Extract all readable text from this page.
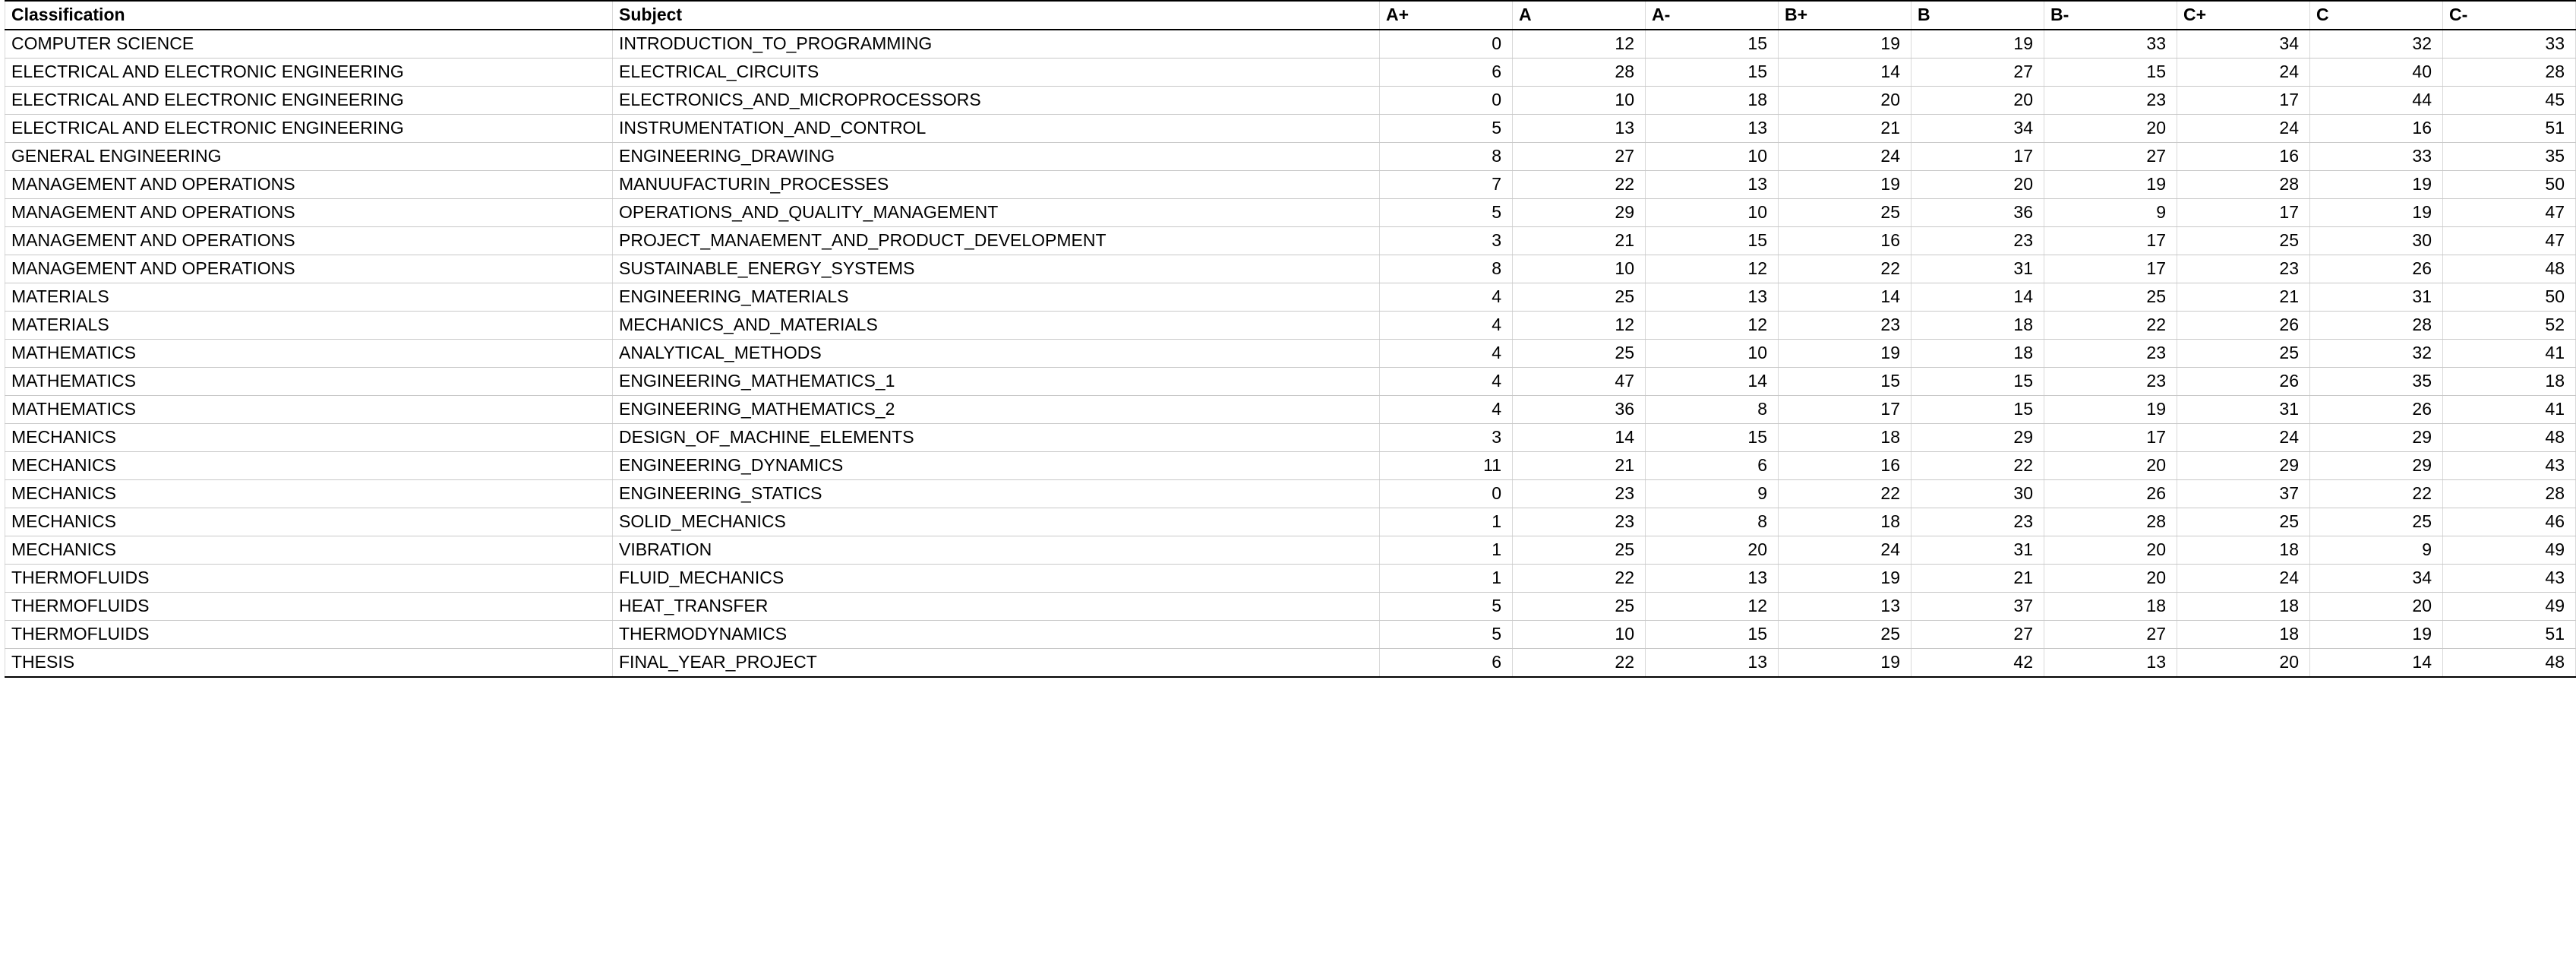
Classification	Subject	A+	A	A-	B+	B	B-	C+	C	C-
COMPUTER SCIENCE	INTRODUCTION_TO_PROGRAMMING	0	12	15	19	19	33	34	32	33
ELECTRICAL AND ELECTRONIC ENGINEERING	ELECTRICAL_CIRCUITS	6	28	15	14	27	15	24	40	28
ELECTRICAL AND ELECTRONIC ENGINEERING	ELECTRONICS_AND_MICROPROCESSORS	0	10	18	20	20	23	17	44	45
ELECTRICAL AND ELECTRONIC ENGINEERING	INSTRUMENTATION_AND_CONTROL	5	13	13	21	34	20	24	16	51
GENERAL ENGINEERING	ENGINEERING_DRAWING	8	27	10	24	17	27	16	33	35
MANAGEMENT AND OPERATIONS	MANUUFACTURIN_PROCESSES	7	22	13	19	20	19	28	19	50
MANAGEMENT AND OPERATIONS	OPERATIONS_AND_QUALITY_MANAGEMENT	5	29	10	25	36	9	17	19	47
MANAGEMENT AND OPERATIONS	PROJECT_MANAEMENT_AND_PRODUCT_DEVELOPMENT	3	21	15	16	23	17	25	30	47
MANAGEMENT AND OPERATIONS	SUSTAINABLE_ENERGY_SYSTEMS	8	10	12	22	31	17	23	26	48
MATERIALS	ENGINEERING_MATERIALS	4	25	13	14	14	25	21	31	50
MATERIALS	MECHANICS_AND_MATERIALS	4	12	12	23	18	22	26	28	52
MATHEMATICS	ANALYTICAL_METHODS	4	25	10	19	18	23	25	32	41
MATHEMATICS	ENGINEERING_MATHEMATICS_1	4	47	14	15	15	23	26	35	18
MATHEMATICS	ENGINEERING_MATHEMATICS_2	4	36	8	17	15	19	31	26	41
MECHANICS	DESIGN_OF_MACHINE_ELEMENTS	3	14	15	18	29	17	24	29	48
MECHANICS	ENGINEERING_DYNAMICS	11	21	6	16	22	20	29	29	43
MECHANICS	ENGINEERING_STATICS	0	23	9	22	30	26	37	22	28
MECHANICS	SOLID_MECHANICS	1	23	8	18	23	28	25	25	46
MECHANICS	VIBRATION	1	25	20	24	31	20	18	9	49
THERMOFLUIDS	FLUID_MECHANICS	1	22	13	19	21	20	24	34	43
THERMOFLUIDS	HEAT_TRANSFER	5	25	12	13	37	18	18	20	49
THERMOFLUIDS	THERMODYNAMICS	5	10	15	25	27	27	18	19	51
THESIS	FINAL_YEAR_PROJECT	6	22	13	19	42	13	20	14	48
